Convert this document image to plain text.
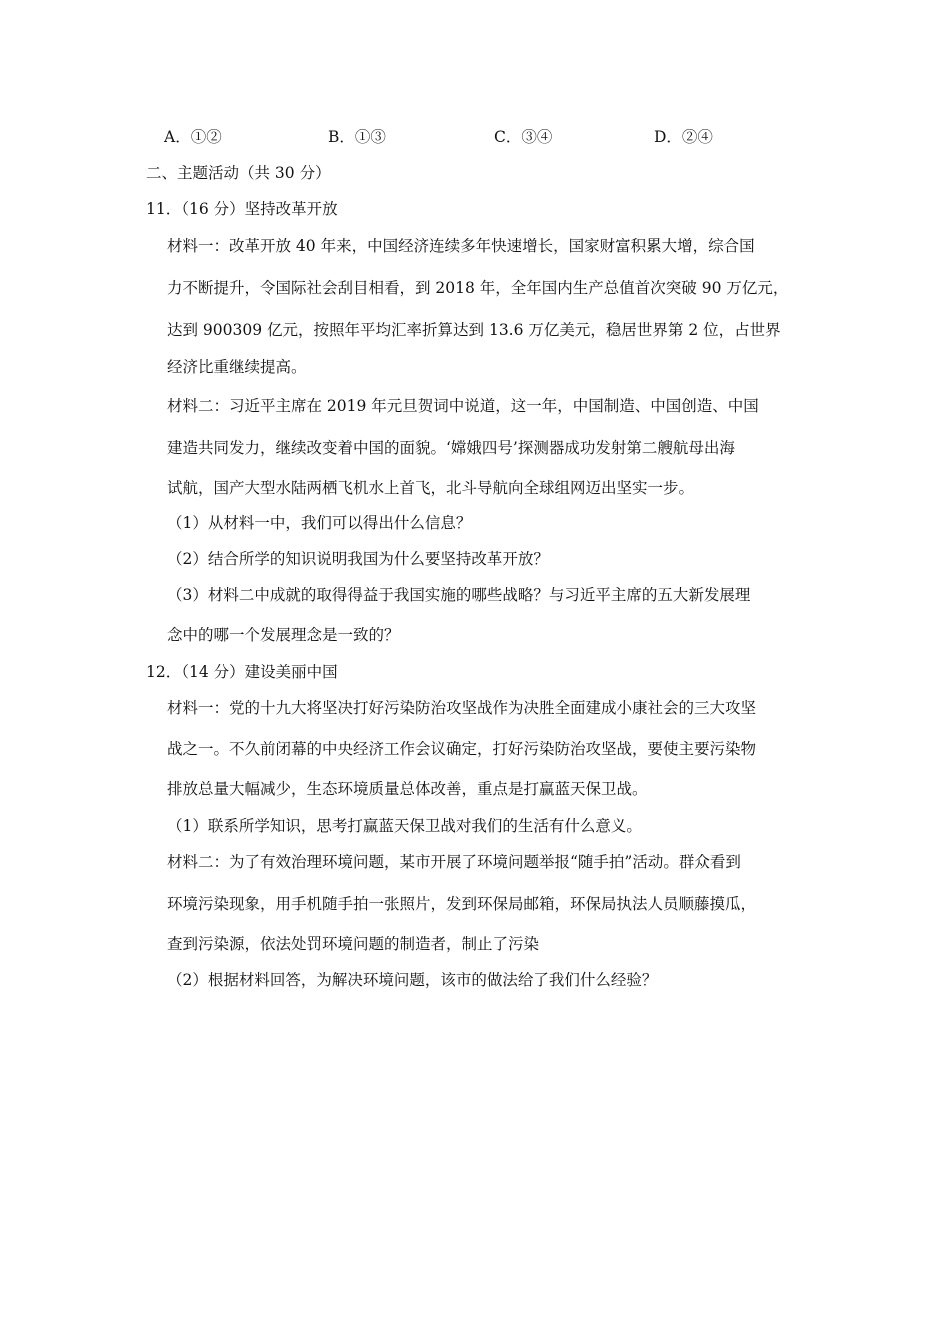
A．①②	B．①③	C．③④	D．②④
二、主题活动（共 30 分）
11．（16 分）坚持改革开放
材料一：改革开放 40 年来，中国经济连续多年快速增长，国家财富积累大增，综合国
力不断提升，令国际社会刮目相看，到 2018 年，全年国内生产总值首次突破 90 万亿元，
达到 900309 亿元，按照年平均汇率折算达到 13.6 万亿美元，稳居世界第 2 位，占世界
经济比重继续提高。
材料二：习近平主席在 2019 年元旦贺词中说道，这一年，中国制造、中国创造、中国
建造共同发力，继续改变着中国的面貌。‘嫦娥四号’探测器成功发射第二艘航母出海
试航，国产大型水陆两栖飞机水上首飞，北斗导航向全球组网迈出坚实一步。
（1）从材料一中，我们可以得出什么信息？
（2）结合所学的知识说明我国为什么要坚持改革开放？
（3）材料二中成就的取得得益于我国实施的哪些战略？与习近平主席的五大新发展理
念中的哪一个发展理念是一致的？
12．（14 分）建设美丽中国
材料一：党的十九大将坚决打好污染防治攻坚战作为决胜全面建成小康社会的三大攻坚
战之一。不久前闭幕的中央经济工作会议确定，打好污染防治攻坚战，要使主要污染物
排放总量大幅减少，生态环境质量总体改善，重点是打赢蓝天保卫战。
（1）联系所学知识，思考打赢蓝天保卫战对我们的生活有什么意义。
材料二：为了有效治理环境问题，某市开展了环境问题举报“随手拍”活动。群众看到
环境污染现象，用手机随手拍一张照片，发到环保局邮箱，环保局执法人员顺藤摸瓜，
查到污染源，依法处罚环境问题的制造者，制止了污染
（2）根据材料回答，为解决环境问题，该市的做法给了我们什么经验？
